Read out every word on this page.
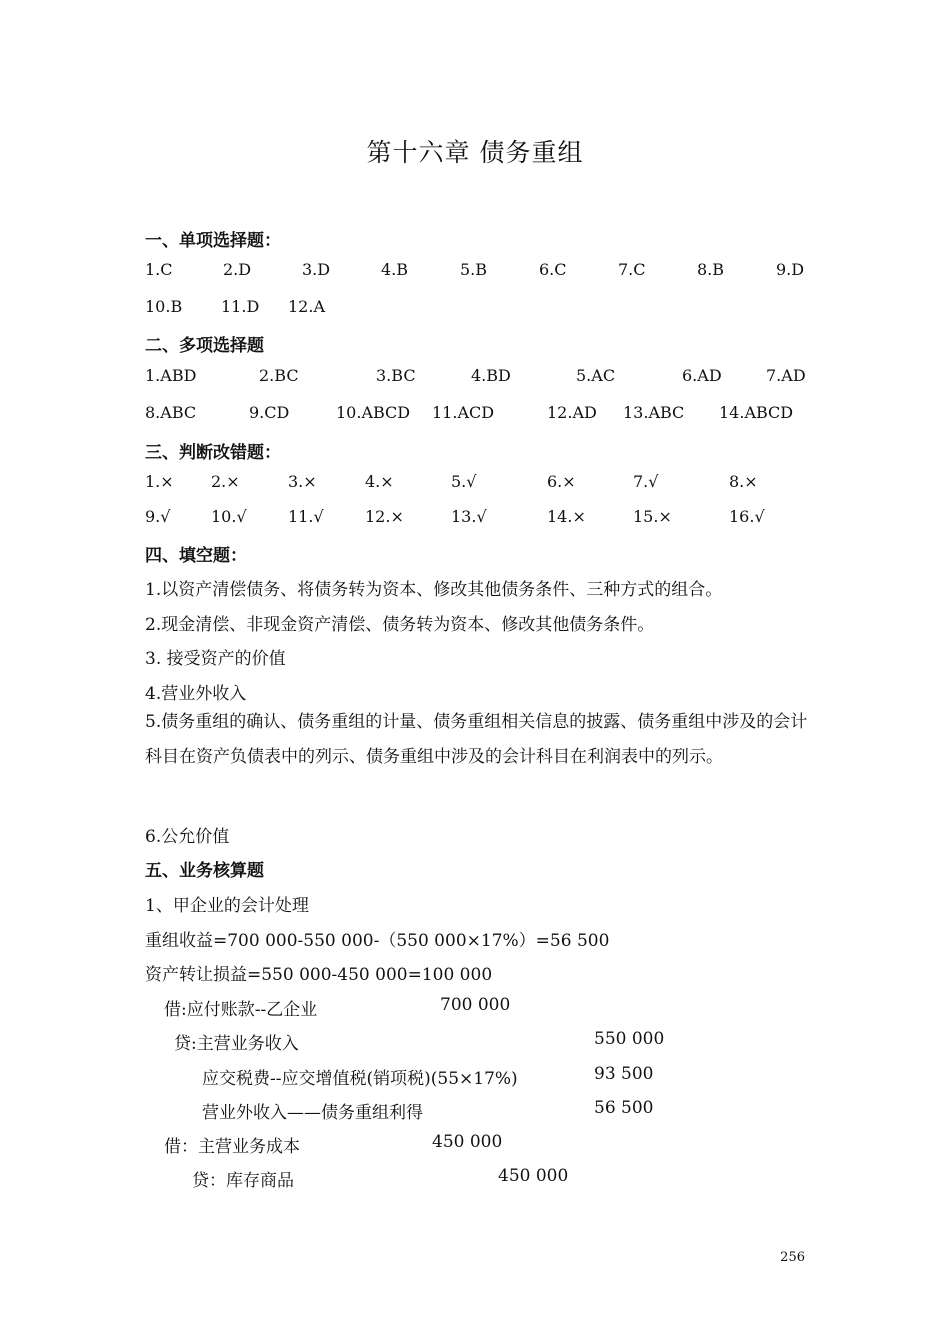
第十六章 债务重组
一、单项选择题：
1.C	2.D	3.D	4.B	5.B	6.C	7.C	8.B	9.D
10.B 11.D 12.A
二、多项选择题
1.ABD	2.BC	3.BC	4.BD	5.AC	6.AD	7.AD
8.ABC	9.CD	10.ABCD 11.ACD	12.AD 13.ABC 14.ABCD
三、判断改错题：
1.× 2.×	3.×	4.×	5.√	6.×	7.√	8.×
9.√	10.√	11.√	12.×	13.√	14.×	15.×	16.√
四、填空题：
1.以资产清偿债务、将债务转为资本、修改其他债务条件、三种方式的组合。
2.现金清偿、非现金资产清偿、债务转为资本、修改其他债务条件。
3. 接受资产的价值
4.营业外收入
5.债务重组的确认、债务重组的计量、债务重组相关信息的披露、债务重组中涉及的会计科目在资产负债表中的列示、债务重组中涉及的会计科目在利润表中的列示。
6.公允价值
五、业务核算题
1、甲企业的会计处理
重组收益=700 000-550 000-（550 000×17%）=56 500
资产转让损益=550 000-450 000=100 000
借:应付账款--乙企业	700 000
贷:主营业务收入	550 000
应交税费--应交增值税(销项税)(55×17%)	93 500
营业外收入——债务重组利得	56 500
借：主营业务成本	450 000
贷：库存商品	450 000
256
